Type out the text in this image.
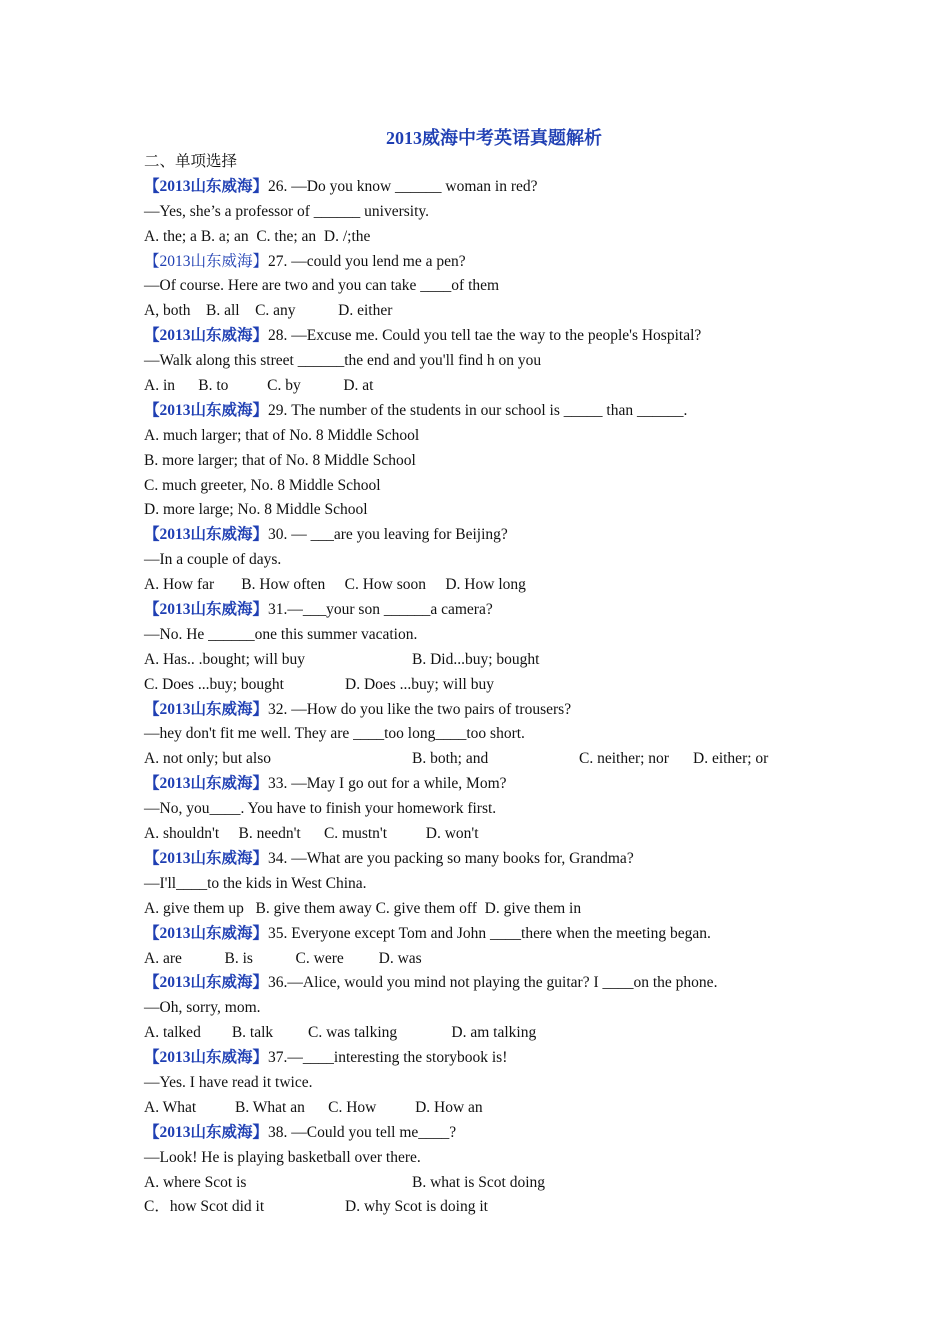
2013威海中考英语真题解析
二、单项选择
【2013山东威海】26. —Do you know ______ woman in red?
—Yes, she’s a professor of ______ university.
A. the; a B. a; an  C. the; an  D. /;the
【2013山东威海】27. —could you lend me a pen?
—Of course. Here are two and you can take ____of them
A, both    B. all    C. any           D. either
【2013山东威海】28. —Excuse me. Could you tell tae the way to the people's Hospital?
—Walk along this street ______the end and you'll find h on you
A. in      B. to          C. by           D. at
【2013山东威海】29. The number of the students in our school is _____ than ______.
A. much larger; that of No. 8 Middle School
B. more larger; that of No. 8 Middle School
C. much greeter, No. 8 Middle School
D. more large; No. 8 Middle School
【2013山东威海】30. — ___are you leaving for Beijing?
—In a couple of days.
A. How far       B. How often     C. How soon     D. How long
【2013山东威海】31.—___your son ______a camera?
—No. He ______one this summer vacation.
A. Has.. .bought; will buy	B. Did...buy; bought
C. Does ...buy; bought	D. Does ...buy; will buy
【2013山东威海】32. —How do you like the two pairs of trousers?
—hey don't fit me well. They are ____too long____too short.
A. not only; but also	B. both; and	C. neither; nor D. either; or
【2013山东威海】33. —May I go out for a while, Mom?
—No, you____. You have to finish your homework first.
A. shouldn't     B. needn't      C. mustn't          D. won't
【2013山东威海】34. —What are you packing so many books for, Grandma?
—I'll____to the kids in West China.
A. give them up   B. give them away C. give them off  D. give them in
【2013山东威海】35. Everyone except Tom and John ____there when the meeting began.
A. are           B. is           C. were         D. was
【2013山东威海】36.—Alice, would you mind not playing the guitar? I ____on the phone.
—Oh, sorry, mom.
A. talked        B. talk         C. was talking              D. am talking
【2013山东威海】37.—____interesting the storybook is!
—Yes. I have read it twice.
A. What          B. What an      C. How          D. How an
【2013山东威海】38. —Could you tell me____?
—Look! He is playing basketball over there.
A. where Scot is	B. what is Scot doing
C．how Scot did it	D. why Scot is doing it
